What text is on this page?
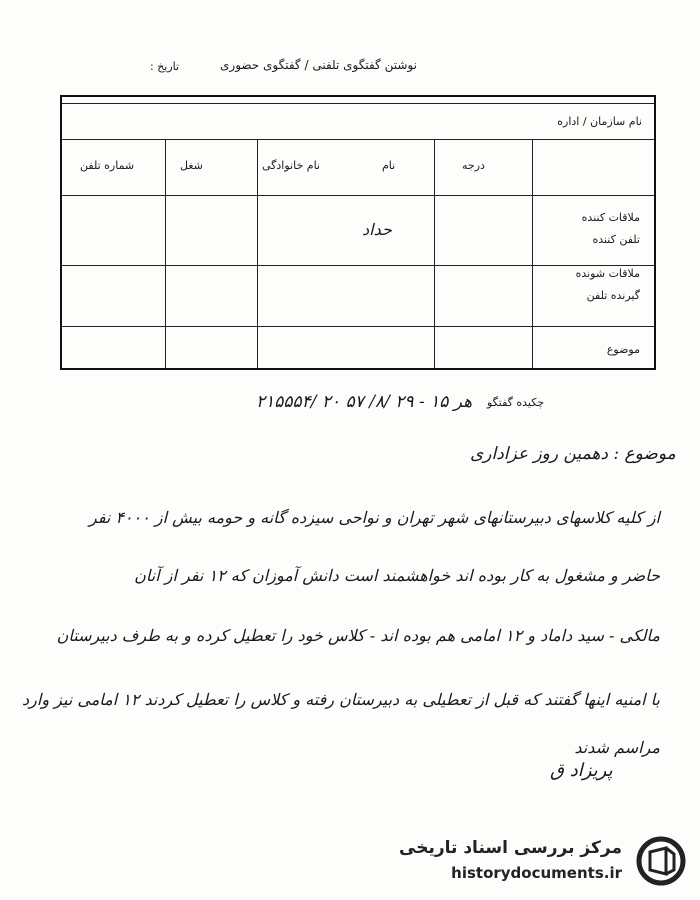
نوشتن گفتگوی تلفنی / گفتگوی حضوری
تاریخ :
نام سازمان / اداره
درجه
نام
نام خانوادگی
شغل
شماره تلفن
ملاقات کننده
تلفن کننده
حداد
ملاقات شونده
گیرنده تلفن
موضوع
چکیده گفتگو
۲۱۵۵۵۴/ ۲۰ هر ۱۵ - ۲۹ /۸/ ۵۷
موضوع : دهمین روز عزاداری
از کلیه کلاسهای دبیرستانهای شهر تهران و نواحی سیزده گانه و حومه بیش از ۴۰۰۰ نفر
حاضر و مشغول به کار بوده اند خواهشمند است دانش آموزان که ۱۲ نفر از آنان
مالکی - سید داماد و ۱۲ امامی هم بوده اند - کلاس خود را تعطیل کرده و به طرف دبیرستان
با امنیه اینها گفتند که قبل از تعطیلی به دبیرستان رفته و کلاس را تعطیل کردند ۱۲ امامی نیز وارد
مراسم شدند
پریزاد ق
مرکز بررسی اسناد تاریخی
historydocuments.ir
